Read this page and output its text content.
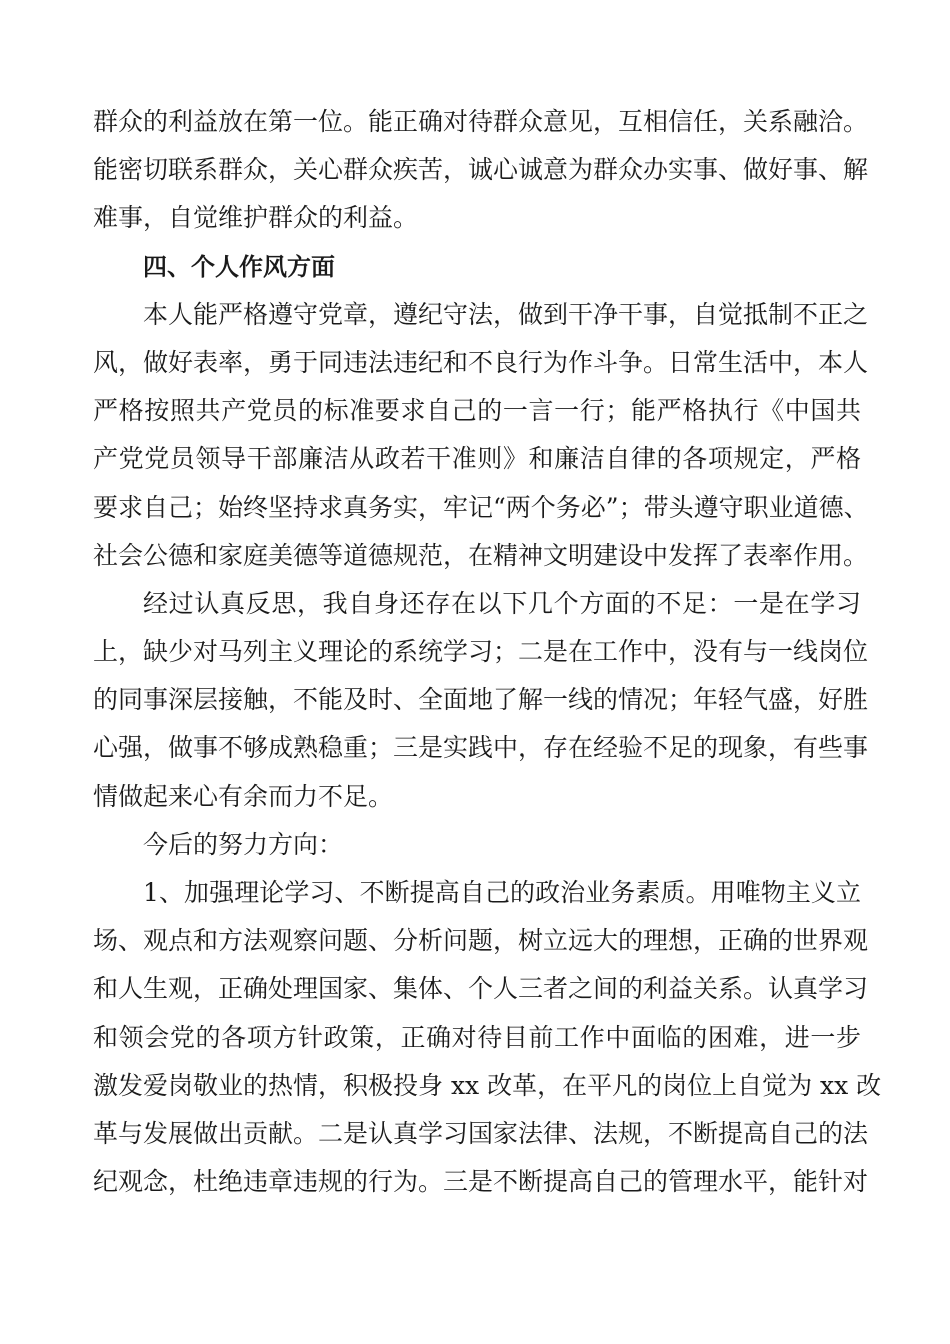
群众的利益放在第一位。能正确对待群众意见，互相信任，关系融洽。
能密切联系群众，关心群众疾苦，诚心诚意为群众办实事、做好事、解
难事，自觉维护群众的利益。
四、个人作风方面
本人能严格遵守党章，遵纪守法，做到干净干事，自觉抵制不正之
风，做好表率，勇于同违法违纪和不良行为作斗争。日常生活中，本人
严格按照共产党员的标准要求自己的一言一行；能严格执行《中国共
产党党员领导干部廉洁从政若干准则》和廉洁自律的各项规定，严格
要求自己；始终坚持求真务实，牢记“两个务必”；带头遵守职业道德、
社会公德和家庭美德等道德规范，在精神文明建设中发挥了表率作用。
经过认真反思，我自身还存在以下几个方面的不足：一是在学习
上，缺少对马列主义理论的系统学习；二是在工作中，没有与一线岗位
的同事深层接触，不能及时、全面地了解一线的情况；年轻气盛，好胜
心强，做事不够成熟稳重；三是实践中，存在经验不足的现象，有些事
情做起来心有余而力不足。
今后的努力方向：
1、加强理论学习、不断提高自己的政治业务素质。用唯物主义立
场、观点和方法观察问题、分析问题，树立远大的理想，正确的世界观
和人生观，正确处理国家、集体、个人三者之间的利益关系。认真学习
和领会党的各项方针政策，正确对待目前工作中面临的困难，进一步
激发爱岗敬业的热情，积极投身 xx 改革，在平凡的岗位上自觉为 xx 改
革与发展做出贡献。二是认真学习国家法律、法规，不断提高自己的法
纪观念，杜绝违章违规的行为。三是不断提高自己的管理水平，能针对
